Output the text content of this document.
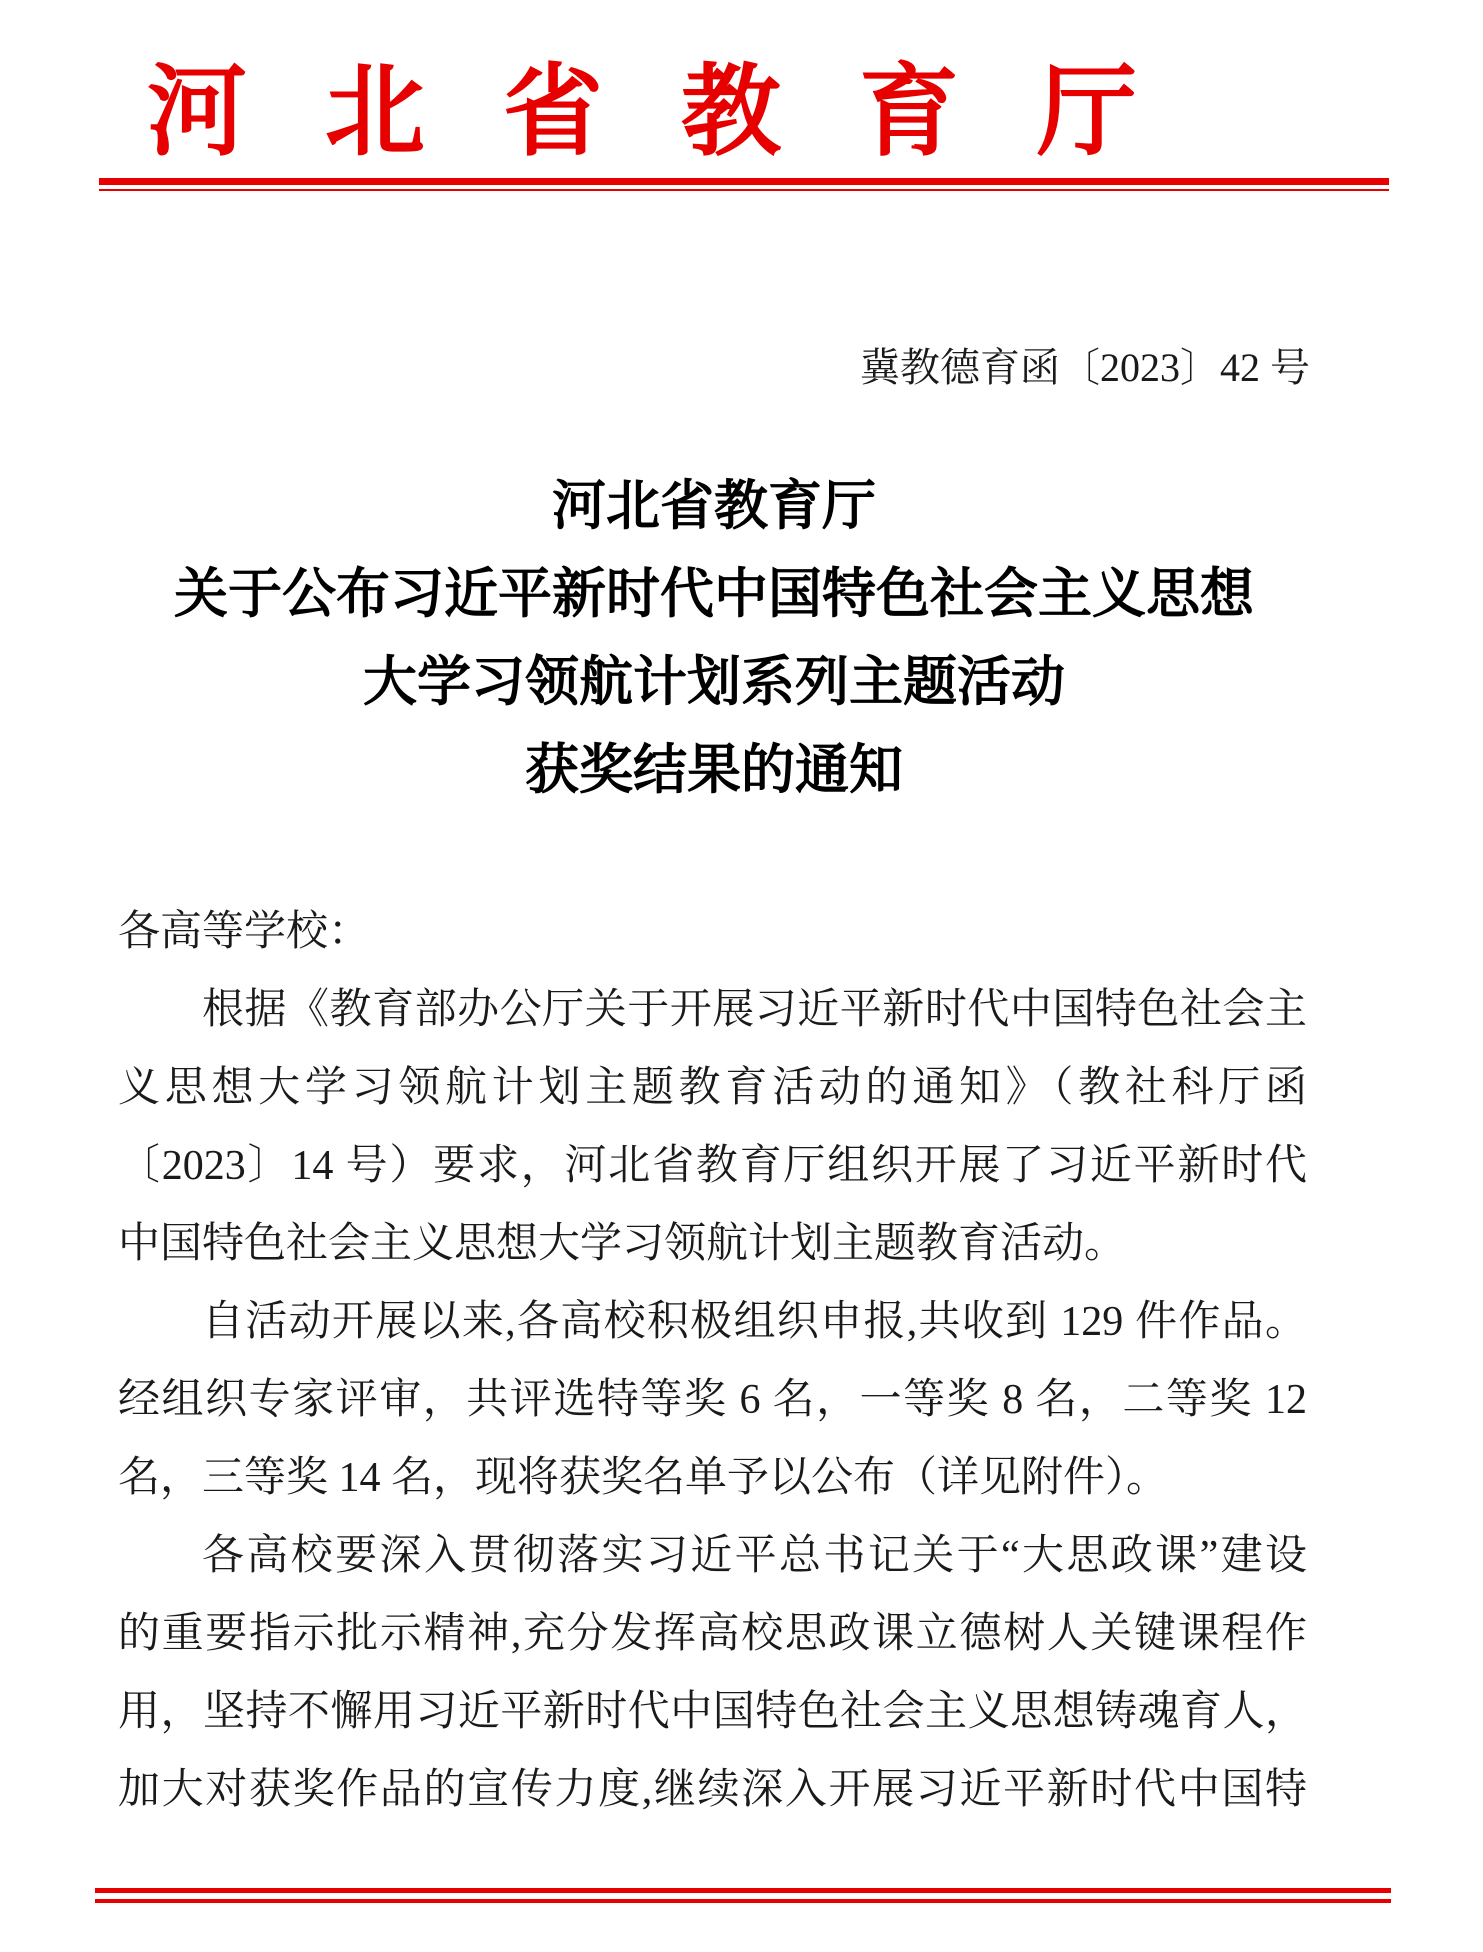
河北省教育厅
冀教德育函〔2023〕42 号
河北省教育厅
关于公布习近平新时代中国特色社会主义思想
大学习领航计划系列主题活动
获奖结果的通知
各高等学校：
根据《教育部办公厅关于开展习近平新时代中国特色社会主
义思想大学习领航计划主题教育活动的通知》（教社科厅函
〔2023〕14 号）要求，河北省教育厅组织开展了习近平新时代
中国特色社会主义思想大学习领航计划主题教育活动。
自活动开展以来,各高校积极组织申报,共收到 129 件作品。
经组织专家评审，共评选特等奖 6 名，一等奖 8 名，二等奖 12
名，三等奖 14 名，现将获奖名单予以公布（详见附件）。
各高校要深入贯彻落实习近平总书记关于“大思政课”建设
的重要指示批示精神,充分发挥高校思政课立德树人关键课程作
用，坚持不懈用习近平新时代中国特色社会主义思想铸魂育人，
加大对获奖作品的宣传力度,继续深入开展习近平新时代中国特
